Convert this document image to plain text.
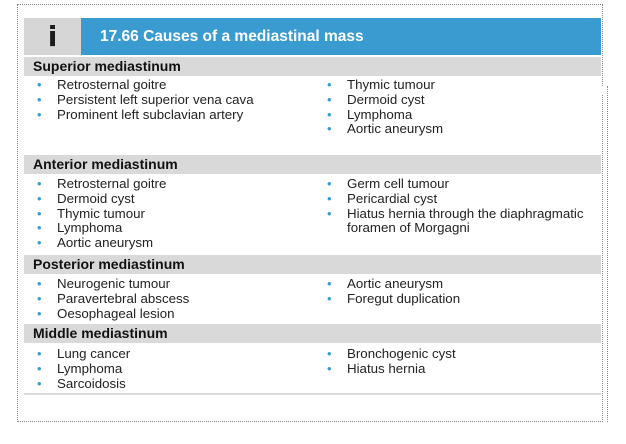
i	17.66 Causes of a mediastinal mass
Superior mediastinum
• Retrosternal goitre
• Persistent left superior vena cava
• Prominent left subclavian artery
• Thymic tumour
• Dermoid cyst
• Lymphoma
• Aortic aneurysm
Anterior mediastinum
• Retrosternal goitre
• Dermoid cyst
• Thymic tumour
• Lymphoma
• Aortic aneurysm
• Germ cell tumour
• Pericardial cyst
• Hiatus hernia through the diaphragmatic foramen of Morgagni
Posterior mediastinum
• Neurogenic tumour
• Paravertebral abscess
• Oesophageal lesion
• Aortic aneurysm
• Foregut duplication
Middle mediastinum
• Lung cancer
• Lymphoma
• Sarcoidosis
• Bronchogenic cyst
• Hiatus hernia
